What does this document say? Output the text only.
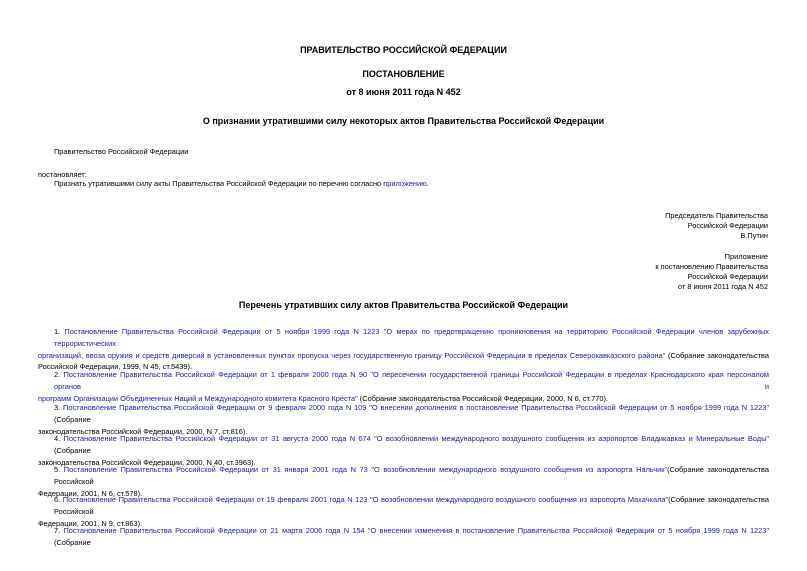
ПРАВИТЕЛЬСТВО РОССИЙСКОЙ ФЕДЕРАЦИИ
ПОСТАНОВЛЕНИЕ
от 8 июня 2011 года N 452
О признании утратившими силу некоторых актов Правительства Российской Федерации
Правительство Российской Федерации
постановляет:
Признать утратившими силу акты Правительства Российской Федерации по перечню согласно приложению.
Председатель Правительства
Российской Федерации
В.Путин
Приложение
к постановлению Правительства
Российской Федерации
от 8 июня 2011 года N 452
Перечень утративших силу актов Правительства Российской Федерации

1. Постановление Правительства Российской Федерации от 5 ноября 1999 года N 1223 "О мерах по предотвращению проникновения на территорию Российской Федерации членов зарубежных террористических

организаций, ввоза оружия и средств диверсий в установленных пунктах пропуска через государственную границу Российской Федерации в пределах Северокавказского района" (Собрание законодательства

Российской Федерации, 1999, N 45, ст.5439).

2. Постановление Правительства Российской Федерации от 1 февраля 2000 года N 90 "О пересечении государственной границы Российской Федерации в пределах Краснодарского края персоналом органов и

программ Организации Объединенных Наций и Международного комитета Красного Креста" (Собрание законодательства Российской Федерации, 2000, N 6, ст.770).

3. Постановление Правительства Российской Федерации от 9 февраля 2000 года N 109 "О внесении дополнения в постановление Правительства Российской Федерации от 5 ноября 1999 года N 1223" (Собрание

законодательства Российской Федерации, 2000, N 7, ст.816).

4. Постановление Правительства Российской Федерации от 31 августа 2000 года N 674 "О возобновлении международного воздушного сообщения из аэропортов Владикавказ и Минеральные Воды"(Собрание

законодательства Российской Федерации, 2000, N 40, ст.3963).

5. Постановление Правительства Российской Федерации от 31 января 2001 года N 73 "О возобновлении международного воздушного сообщения из аэропорта Нальчик"(Собрание законодательства Российской

Федерации, 2001, N 6, ст.578).

6. Постановление Правительства Российской Федерации от 19 февраля 2001 года N 123 "О возобновлении международного воздушного сообщения из аэропорта Махачкала"(Собрание законодательства Российской

Федерации, 2001, N 9, ст.863).

7. Постановление Правительства Российской Федерации от 21 марта 2006 года N 154 "О внесении изменения в постановление Правительства Российской Федерации от 5 ноября 1999 года N 1223"(Собрание
